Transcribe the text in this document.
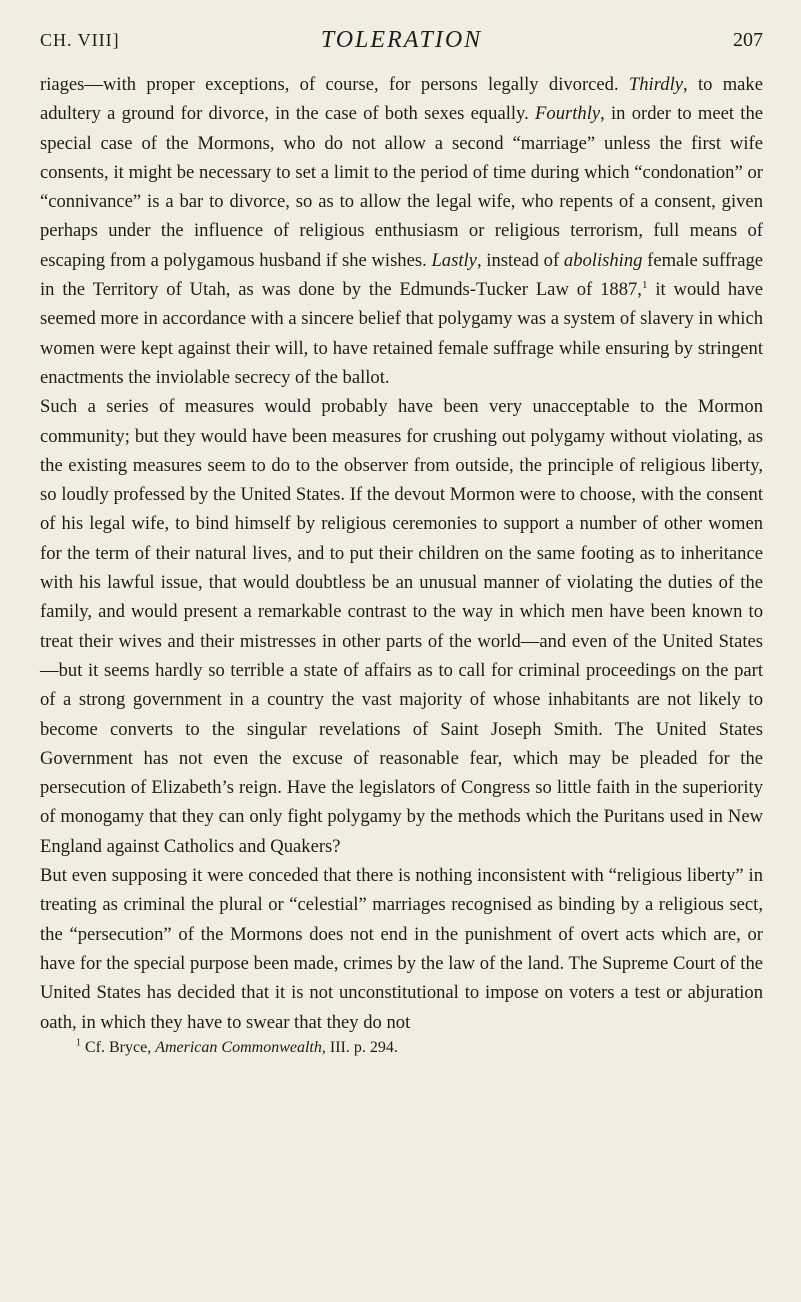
CH. VIII]	TOLERATION	207

riages—with proper exceptions, of course, for persons legally divorced. Thirdly, to make adultery a ground for divorce, in the case of both sexes equally. Fourthly, in order to meet the special case of the Mormons, who do not allow a second “marriage” unless the first wife consents, it might be necessary to set a limit to the period of time during which “condonation” or “connivance” is a bar to divorce, so as to allow the legal wife, who repents of a consent, given perhaps under the influence of religious enthusiasm or religious terrorism, full means of escaping from a polygamous husband if she wishes. Lastly, instead of abolishing female suffrage in the Territory of Utah, as was done by the Edmunds-Tucker Law of 1887,$^1$ it would have seemed more in accordance with a sincere belief that polygamy was a system of slavery in which women were kept against their will, to have retained female suffrage while ensuring by stringent enactments the inviolable secrecy of the ballot.

Such a series of measures would probably have been very unacceptable to the Mormon community; but they would have been measures for crushing out polygamy without violating, as the existing measures seem to do to the observer from outside, the principle of religious liberty, so loudly professed by the United States. If the devout Mormon were to choose, with the consent of his legal wife, to bind himself by religious ceremonies to support a number of other women for the term of their natural lives, and to put their children on the same footing as to inheritance with his lawful issue, that would doubtless be an unusual manner of violating the duties of the family, and would present a remarkable contrast to the way in which men have been known to treat their wives and their mistresses in other parts of the world—and even of the United States—but it seems hardly so terrible a state of affairs as to call for criminal proceedings on the part of a strong government in a country the vast majority of whose inhabitants are not likely to become converts to the singular revelations of Saint Joseph Smith. The United States Government has not even the excuse of reasonable fear, which may be pleaded for the persecution of Elizabeth’s reign. Have the legislators of Congress so little faith in the superiority of monogamy that they can only fight polygamy by the methods which the Puritans used in New England against Catholics and Quakers?

But even supposing it were conceded that there is nothing inconsistent with “religious liberty” in treating as criminal the plural or “celestial” marriages recognised as binding by a religious sect, the “persecution” of the Mormons does not end in the punishment of overt acts which are, or have for the special purpose been made, crimes by the law of the land. The Supreme Court of the United States has decided that it is not unconstitutional to impose on voters a test or abjuration oath, in which they have to swear that they do not

$^1$ Cf. Bryce, American Commonwealth, III. p. 294.
